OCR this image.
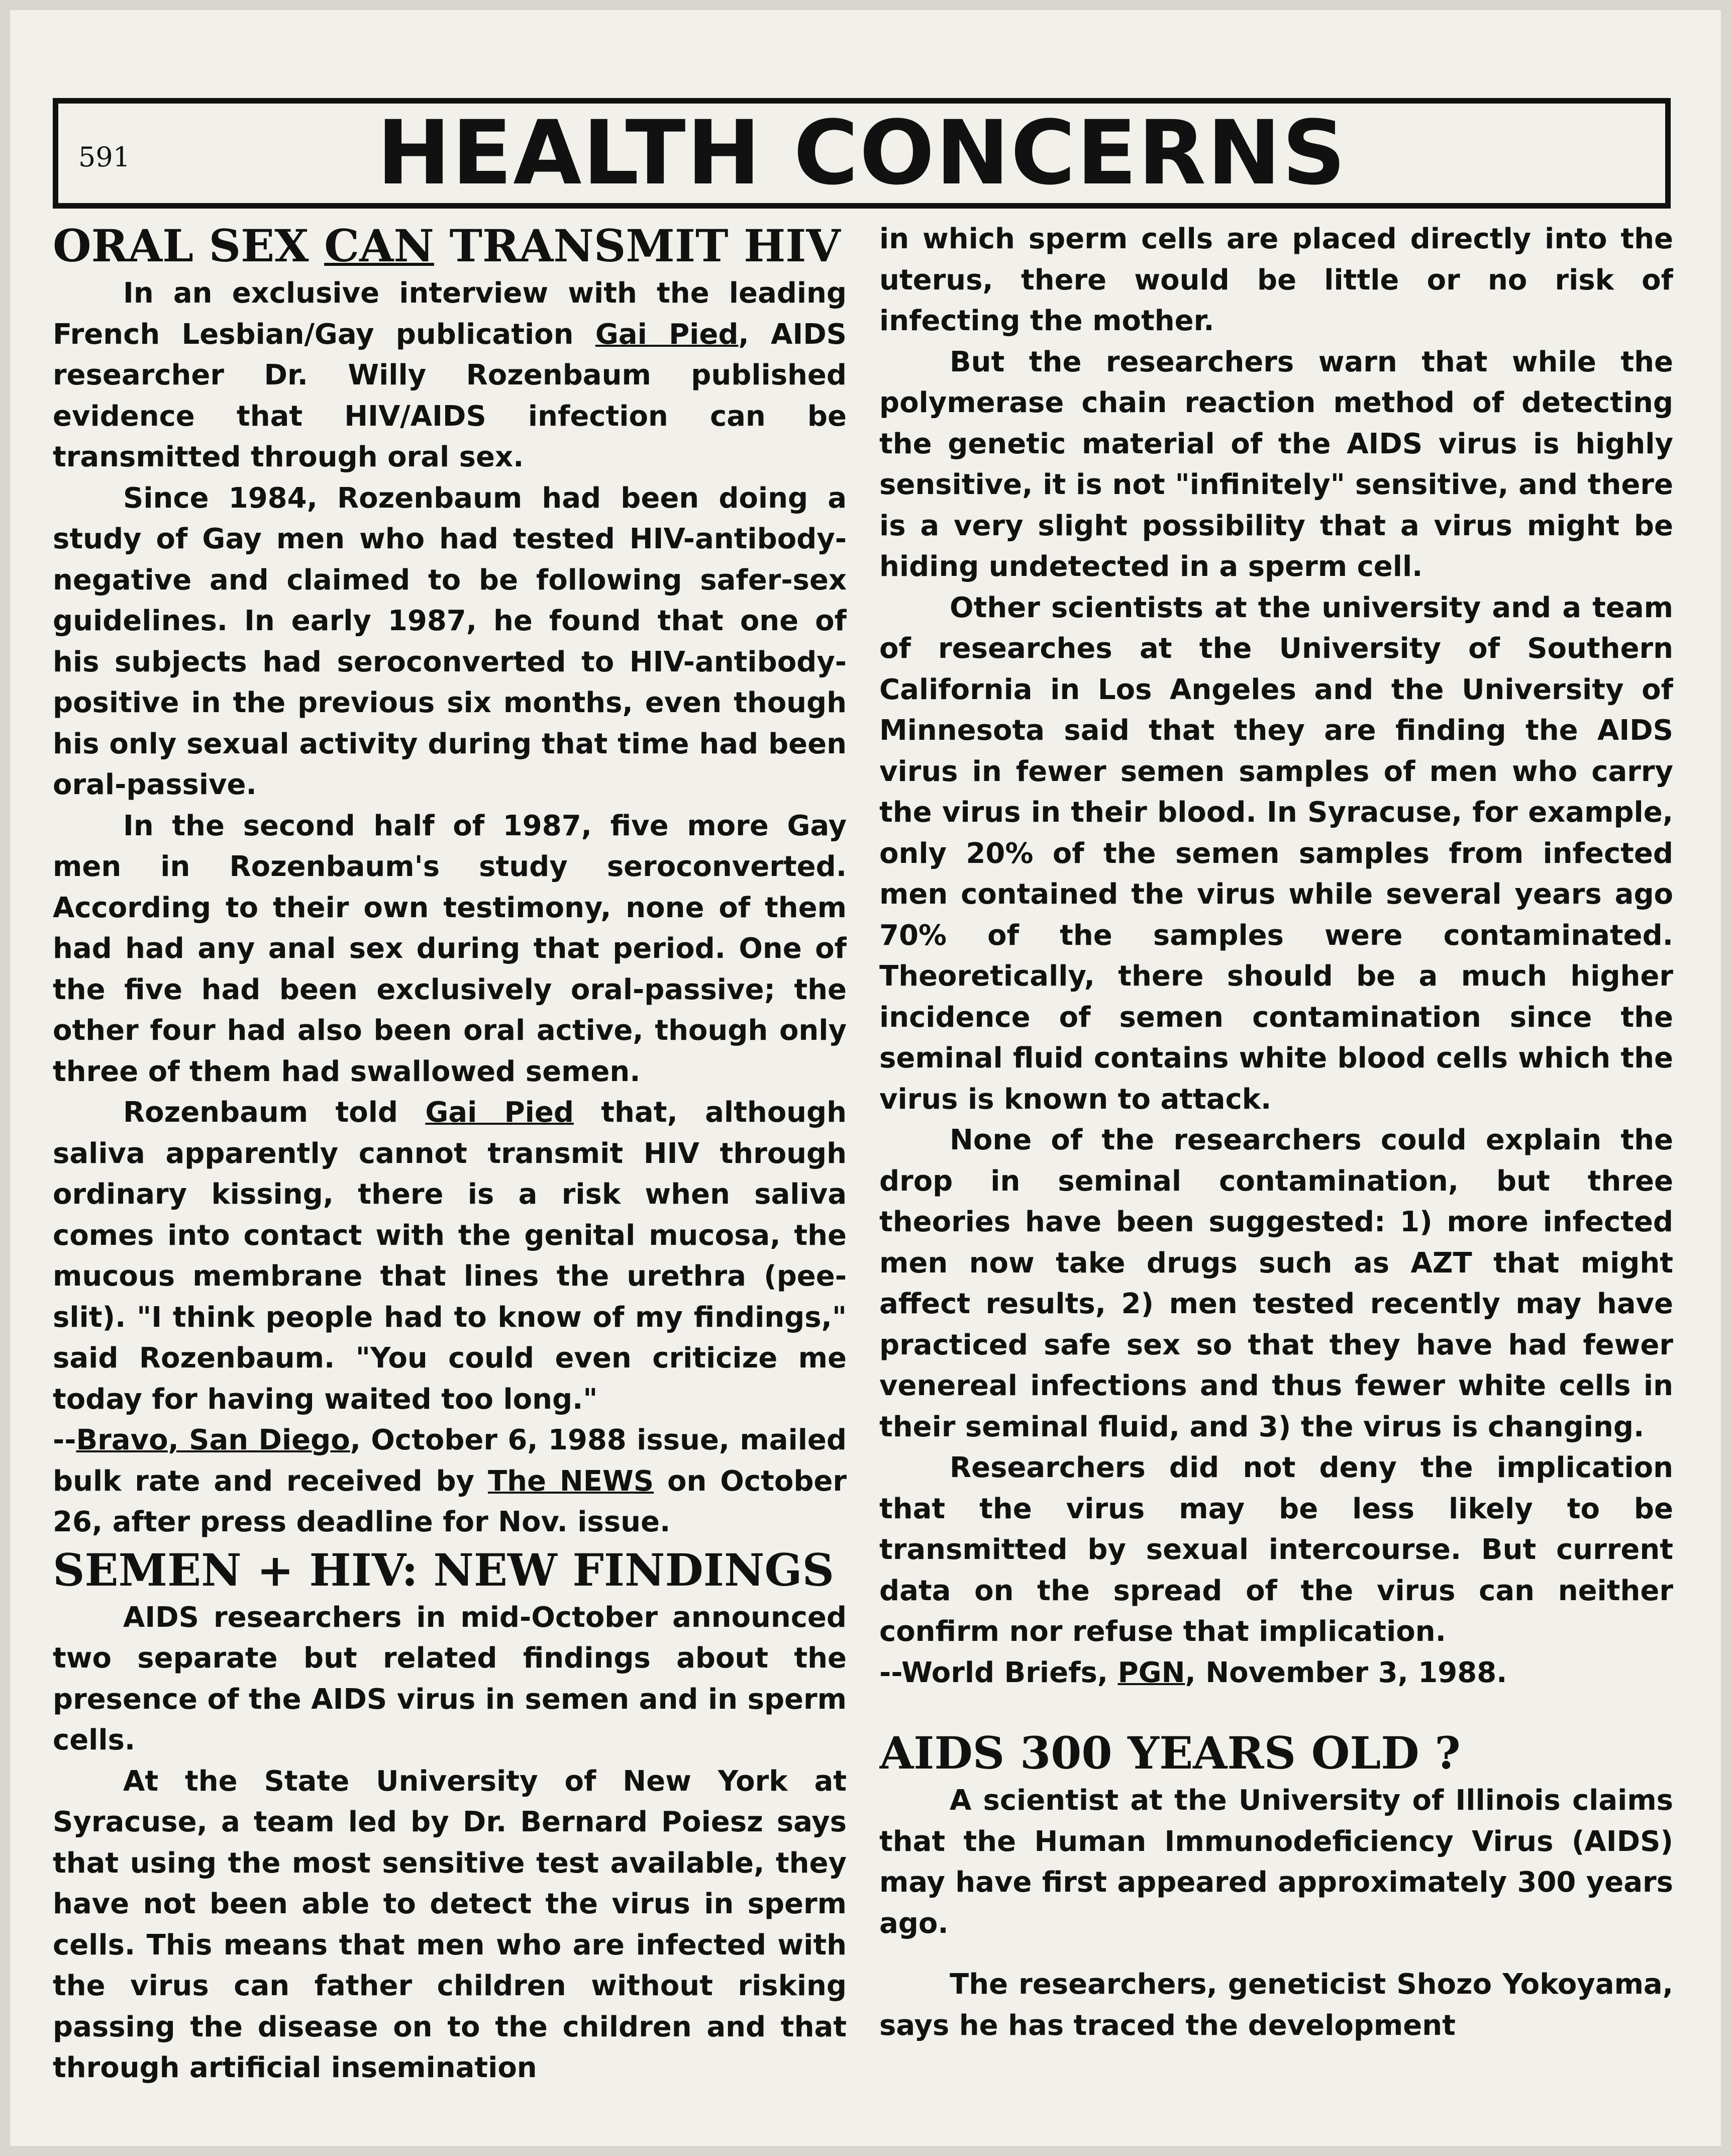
591	HEALTH CONCERNS
ORAL SEX CAN TRANSMIT HIV

In an exclusive interview with the leading French Lesbian/Gay publication Gai Pied, AIDS researcher Dr. Willy Rozenbaum published evidence that HIV/AIDS infection can be transmitted through oral sex.

Since 1984, Rozenbaum had been doing a study of Gay men who had tested HIV-antibody-negative and claimed to be following safer-sex guidelines. In early 1987, he found that one of his subjects had seroconverted to HIV-antibody-positive in the previous six months, even though his only sexual activity during that time had been oral-passive.

In the second half of 1987, five more Gay men in Rozenbaum's study seroconverted. According to their own testimony, none of them had had any anal sex during that period. One of the five had been exclusively oral-passive; the other four had also been oral active, though only three of them had swallowed semen.

Rozenbaum told Gai Pied that, although saliva apparently cannot transmit HIV through ordinary kissing, there is a risk when saliva comes into contact with the genital mucosa, the mucous membrane that lines the urethra (pee-slit). "I think people had to know of my findings," said Rozenbaum. "You could even criticize me today for having waited too long."

--Bravo, San Diego, October 6, 1988 issue, mailed bulk rate and received by The NEWS on October 26, after press deadline for Nov. issue.

SEMEN + HIV: NEW FINDINGS

AIDS researchers in mid-October announced two separate but related findings about the presence of the AIDS virus in semen and in sperm cells.

At the State University of New York at Syracuse, a team led by Dr. Bernard Poiesz says that using the most sensitive test available, they have not been able to detect the virus in sperm cells. This means that men who are infected with the virus can father children without risking passing the disease on to the children and that through artificial insemination

in which sperm cells are placed directly into the uterus, there would be little or no risk of infecting the mother.

But the researchers warn that while the polymerase chain reaction method of detecting the genetic material of the AIDS virus is highly sensitive, it is not "infinitely" sensitive, and there is a very slight possibility that a virus might be hiding undetected in a sperm cell.

Other scientists at the university and a team of researches at the University of Southern California in Los Angeles and the University of Minnesota said that they are finding the AIDS virus in fewer semen samples of men who carry the virus in their blood. In Syracuse, for example, only 20% of the semen samples from infected men contained the virus while several years ago 70% of the samples were contaminated. Theoretically, there should be a much higher incidence of semen contamination since the seminal fluid contains white blood cells which the virus is known to attack.

None of the researchers could explain the drop in seminal contamination, but three theories have been suggested: 1) more infected men now take drugs such as AZT that might affect results, 2) men tested recently may have practiced safe sex so that they have had fewer venereal infections and thus fewer white cells in their seminal fluid, and 3) the virus is changing.

Researchers did not deny the implication that the virus may be less likely to be transmitted by sexual intercourse. But current data on the spread of the virus can neither confirm nor refuse that implication.

--World Briefs, PGN, November 3, 1988.

AIDS 300 YEARS OLD ?

A scientist at the University of Illinois claims that the Human Immunodeficiency Virus (AIDS) may have first appeared approximately 300 years ago.

The researchers, geneticist Shozo Yokoyama, says he has traced the development
